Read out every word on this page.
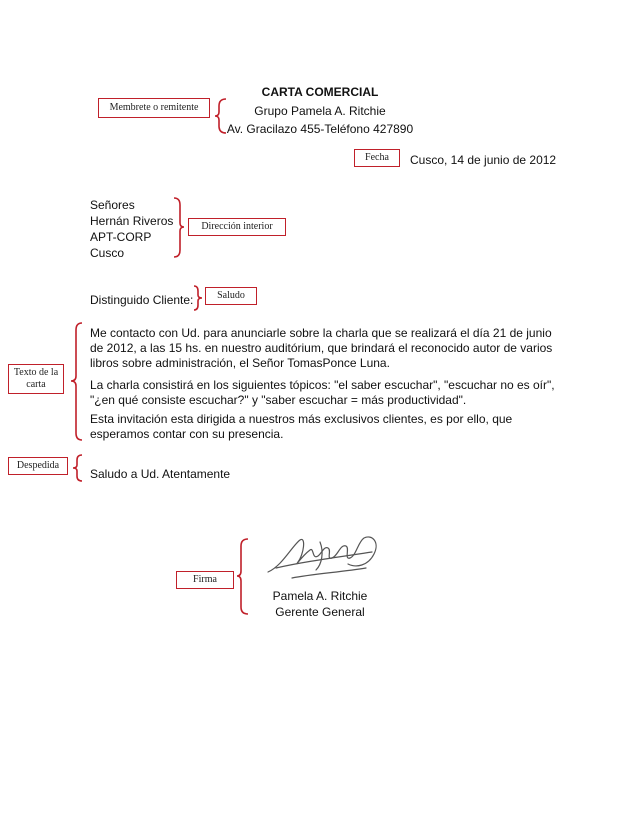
CARTA COMERCIAL
Grupo Pamela A. Ritchie
Av. Gracilazo 455-Teléfono 427890
Membrete o remitente
Fecha	Cusco, 14 de junio de 2012
Señores
Hernán Riveros
APT-CORP
Cusco
Dirección interior
Distinguido Cliente:	Saludo
Me contacto con Ud. para anunciarle sobre la charla que se realizará el día 21 de junio de 2012, a las 15 hs. en nuestro auditórium, que brindará el reconocido autor de varios libros sobre administración, el Señor TomasPonce Luna.
La charla consistirá en los siguientes tópicos: "el saber escuchar", "escuchar no es oír", "¿en qué consiste escuchar?" y "saber escuchar = más productividad".
Esta invitación esta dirigida a nuestros más exclusivos clientes, es por ello, que esperamos contar con su presencia.
Texto de la carta
Despedida
Saludo a Ud. Atentamente
Firma
Pamela A. Ritchie
Gerente General
